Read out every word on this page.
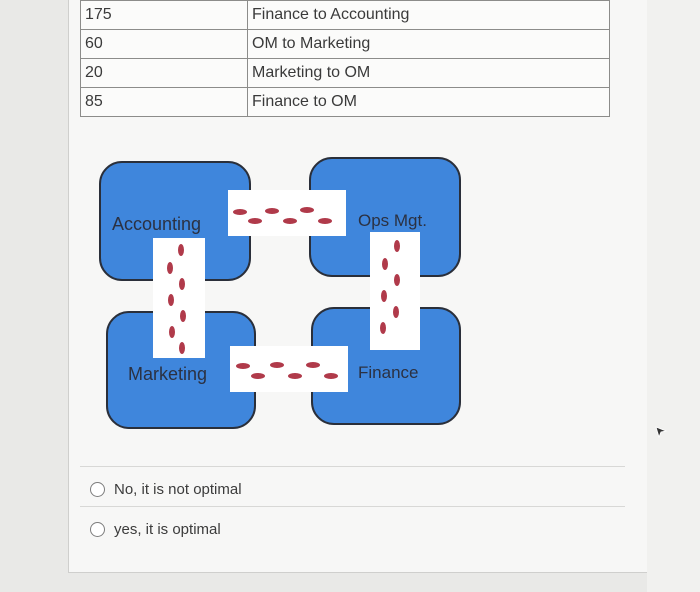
175	Finance to Accounting
60	OM to Marketing
20	Marketing to OM
85	Finance to OM
Accounting	Ops Mgt.
Marketing	Finance
No, it is not optimal
yes, it is optimal
